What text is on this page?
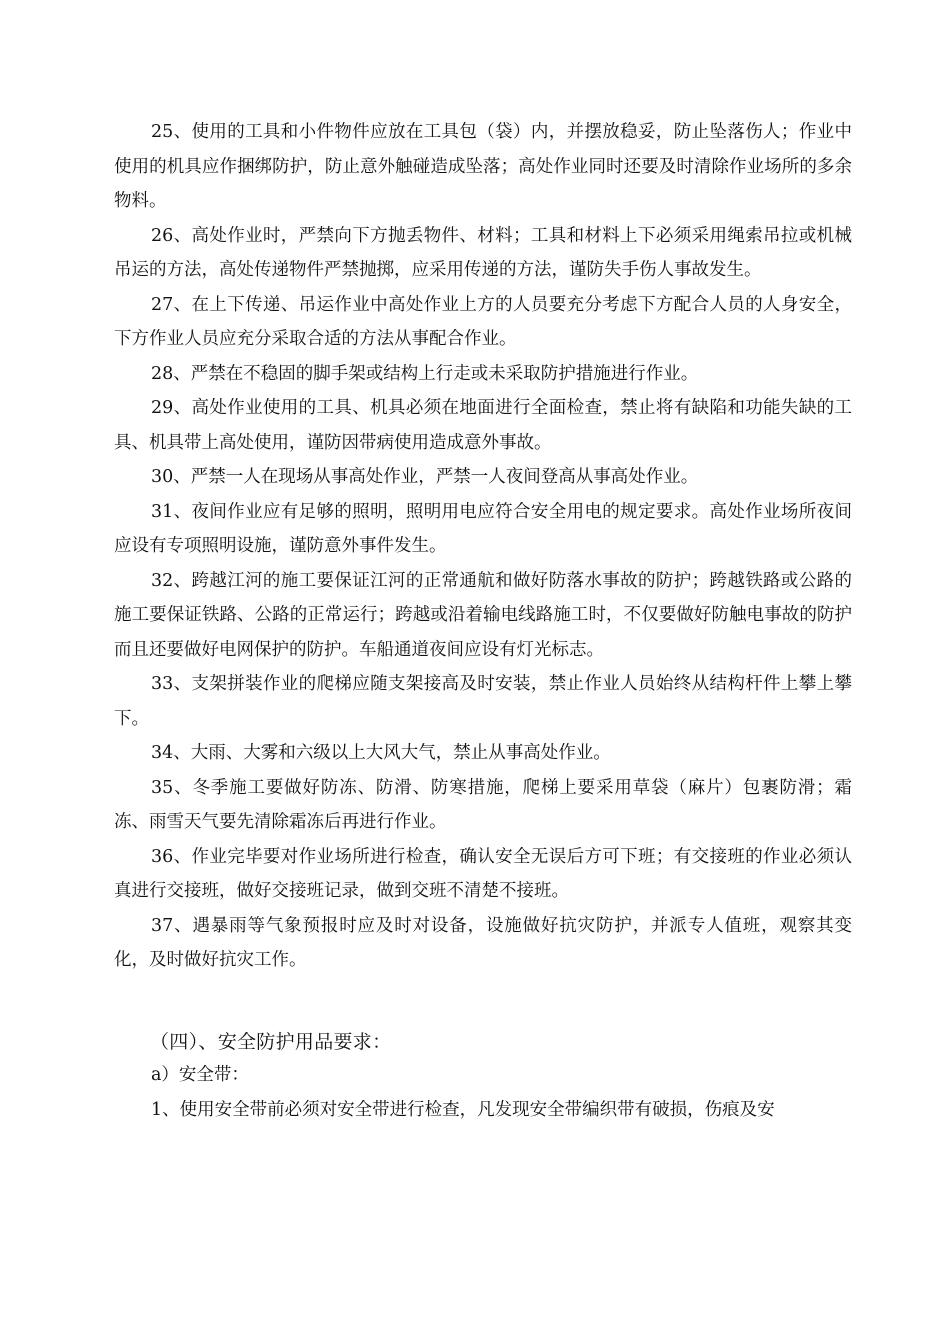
25、使用的工具和小件物件应放在工具包（袋）内，并摆放稳妥，防止坠落伤人；作业中使用的机具应作捆绑防护，防止意外触碰造成坠落；高处作业同时还要及时清除作业场所的多余物料。

26、高处作业时，严禁向下方抛丢物件、材料；工具和材料上下必须采用绳索吊拉或机械吊运的方法，高处传递物件严禁抛掷，应采用传递的方法，谨防失手伤人事故发生。

27、在上下传递、吊运作业中高处作业上方的人员要充分考虑下方配合人员的人身安全，下方作业人员应充分采取合适的方法从事配合作业。

28、严禁在不稳固的脚手架或结构上行走或未采取防护措施进行作业。

29、高处作业使用的工具、机具必须在地面进行全面检查，禁止将有缺陷和功能失缺的工具、机具带上高处使用，谨防因带病使用造成意外事故。

30、严禁一人在现场从事高处作业，严禁一人夜间登高从事高处作业。

31、夜间作业应有足够的照明，照明用电应符合安全用电的规定要求。高处作业场所夜间应设有专项照明设施，谨防意外事件发生。

32、跨越江河的施工要保证江河的正常通航和做好防落水事故的防护；跨越铁路或公路的施工要保证铁路、公路的正常运行；跨越或沿着输电线路施工时，不仅要做好防触电事故的防护而且还要做好电网保护的防护。车船通道夜间应设有灯光标志。

33、支架拼装作业的爬梯应随支架接高及时安装，禁止作业人员始终从结构杆件上攀上攀下。

34、大雨、大雾和六级以上大风大气，禁止从事高处作业。

35、冬季施工要做好防冻、防滑、防寒措施，爬梯上要采用草袋（麻片）包裹防滑；霜冻、雨雪天气要先清除霜冻后再进行作业。

36、作业完毕要对作业场所进行检查，确认安全无误后方可下班；有交接班的作业必须认真进行交接班，做好交接班记录，做到交班不清楚不接班。

37、遇暴雨等气象预报时应及时对设备，设施做好抗灾防护，并派专人值班，观察其变化，及时做好抗灾工作。

（四）、安全防护用品要求：

a）安全带：

1、使用安全带前必须对安全带进行检查，凡发现安全带编织带有破损，伤痕及安
